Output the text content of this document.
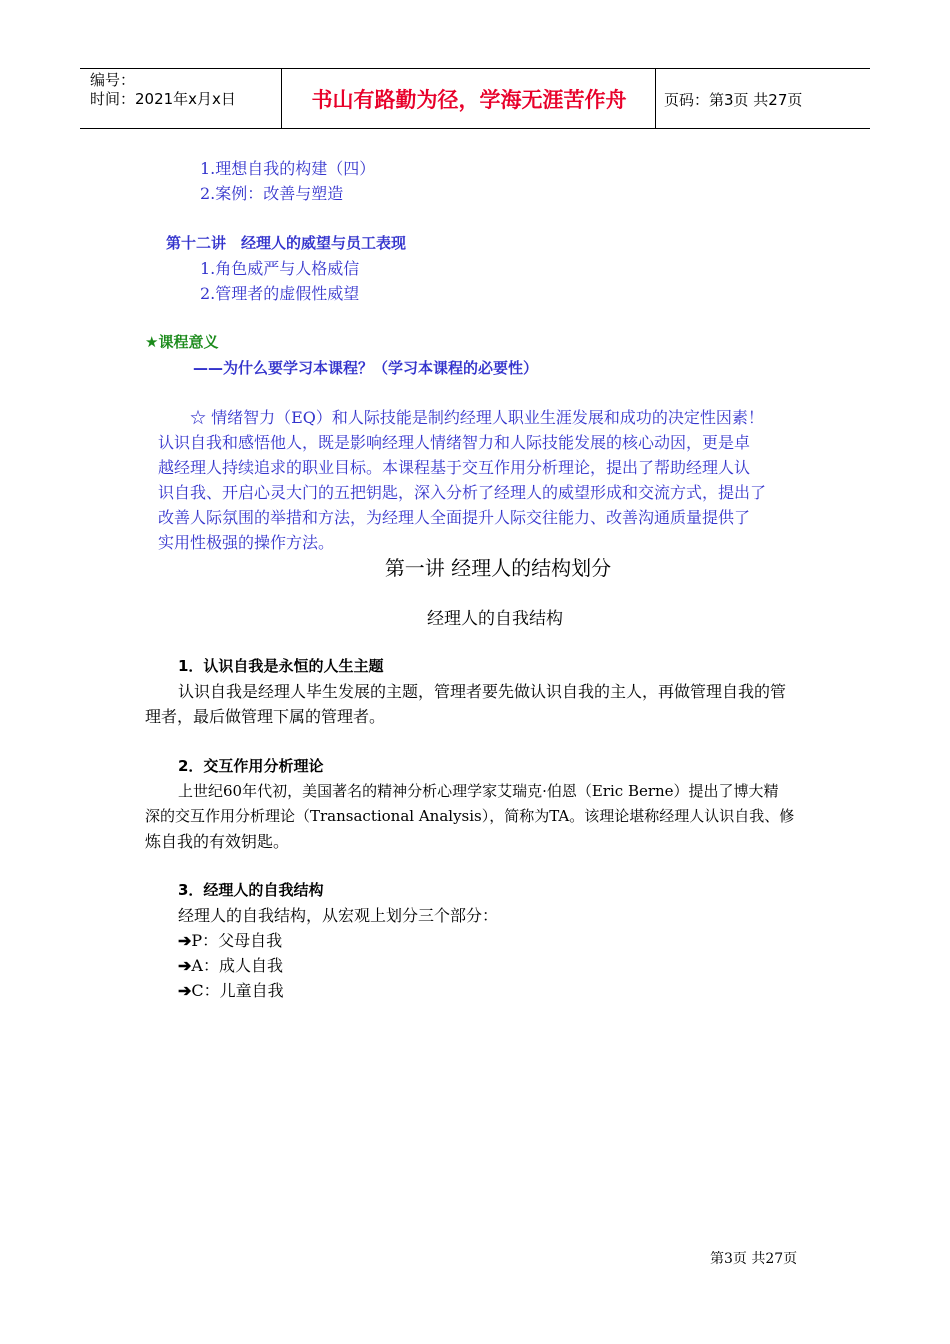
编号：
时间：2021年x月x日	书山有路勤为径，学海无涯苦作舟	页码：第3页 共27页
1.理想自我的构建（四）
2.案例：改善与塑造
第十二讲　经理人的威望与员工表现
1.角色威严与人格威信
2.管理者的虚假性威望
★课程意义
——为什么要学习本课程？（学习本课程的必要性）
☆ 情绪智力（EQ）和人际技能是制约经理人职业生涯发展和成功的决定性因素！
认识自我和感悟他人，既是影响经理人情绪智力和人际技能发展的核心动因，更是卓
越经理人持续追求的职业目标。本课程基于交互作用分析理论，提出了帮助经理人认
识自我、开启心灵大门的五把钥匙，深入分析了经理人的威望形成和交流方式，提出了
改善人际氛围的举措和方法，为经理人全面提升人际交往能力、改善沟通质量提供了
实用性极强的操作方法。
第一讲 经理人的结构划分
经理人的自我结构
1．认识自我是永恒的人生主题
认识自我是经理人毕生发展的主题，管理者要先做认识自我的主人，再做管理自我的管
理者，最后做管理下属的管理者。
2．交互作用分析理论
上世纪60年代初，美国著名的精神分析心理学家艾瑞克·伯恩（Eric Berne）提出了博大精
深的交互作用分析理论（Transactional Analysis），简称为TA。该理论堪称经理人认识自我、修
炼自我的有效钥匙。
3．经理人的自我结构
经理人的自我结构，从宏观上划分三个部分：
➔P：父母自我
➔A：成人自我
➔C：儿童自我
第3页 共27页
